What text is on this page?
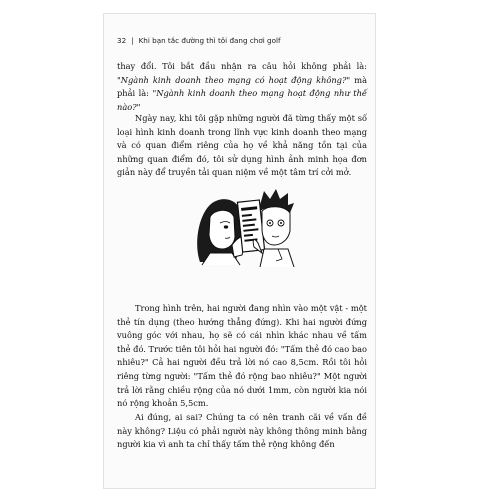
32 | Khi bạn tắc đường thì tôi đang chơi golf

thay đổi. Tôi bắt đầu nhận ra câu hỏi không phải là: "Ngành kinh doanh theo mạng có hoạt động không?" mà phải là: "Ngành kinh doanh theo mạng hoạt động như thế nào?"

Ngày nay, khi tôi gặp những người đã từng thấy một số loại hình kinh doanh trong lĩnh vực kinh doanh theo mạng và có quan điểm riêng của họ về khả năng tồn tại của những quan điểm đó, tôi sử dụng hình ảnh minh họa đơn giản này để truyền tải quan niệm về một tâm trí cởi mở.

Trong hình trên, hai người đang nhìn vào một vật - một thẻ tín dụng (theo hướng thẳng đứng). Khi hai người đứng vuông góc với nhau, họ sẽ có cái nhìn khác nhau về tấm thẻ đó. Trước tiên tôi hỏi hai người đó: "Tấm thẻ đó cao bao nhiêu?" Cả hai người đều trả lời nó cao 8,5cm. Rồi tôi hỏi riêng từng người: "Tấm thẻ đó rộng bao nhiêu?" Một người trả lời rằng chiều rộng của nó dưới 1mm, còn người kia nói nó rộng khoản 5,5cm.

Ai đúng, ai sai? Chúng ta có nên tranh cãi về vấn đề này không? Liệu có phải người này không thông minh bằng người kia vì anh ta chỉ thấy tấm thẻ rộng không đến
